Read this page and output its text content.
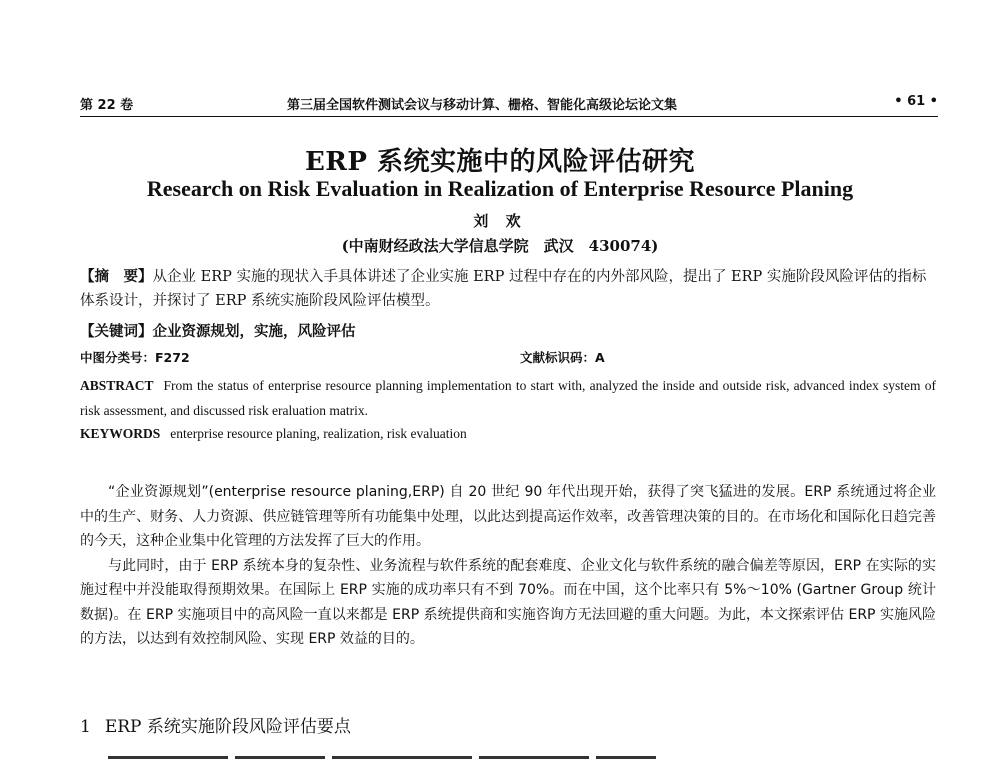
第 22 卷	第三届全国软件测试会议与移动计算、栅格、智能化高级论坛论文集	• 61 •
ERP 系统实施中的风险评估研究
Research on Risk Evaluation in Realization of Enterprise Resource Planing
刘 欢
(中南财经政法大学信息学院　武汉　430074)
【摘　要】从企业 ERP 实施的现状入手具体讲述了企业实施 ERP 过程中存在的内外部风险，提出了 ERP 实施阶段风险评估的指标体系设计，并探讨了 ERP 系统实施阶段风险评估模型。
【关键词】企业资源规划，实施，风险评估
中图分类号：F272	文献标识码：A
ABSTRACT From the status of enterprise resource planning implementation to start with, analyzed the inside and outside risk, advanced index system of risk assessment, and discussed risk eraluation matrix.
KEYWORDS enterprise resource planing, realization, risk evaluation

“企业资源规划”(enterprise resource planing,ERP) 自 20 世纪 90 年代出现开始，获得了突飞猛进的发展。ERP 系统通过将企业中的生产、财务、人力资源、供应链管理等所有功能集中处理，以此达到提高运作效率，改善管理决策的目的。在市场化和国际化日趋完善的今天，这种企业集中化管理的方法发挥了巨大的作用。

与此同时，由于 ERP 系统本身的复杂性、业务流程与软件系统的配套难度、企业文化与软件系统的融合偏差等原因，ERP 在实际的实施过程中并没能取得预期效果。在国际上 ERP 实施的成功率只有不到 70%。而在中国，这个比率只有 5%～10% (Gartner Group 统计数据)。在 ERP 实施项目中的高风险一直以来都是 ERP 系统提供商和实施咨询方无法回避的重大问题。为此，本文探索评估 ERP 实施风险的方法，以达到有效控制风险、实现 ERP 效益的目的。

1 ERP 系统实施阶段风险评估要点
